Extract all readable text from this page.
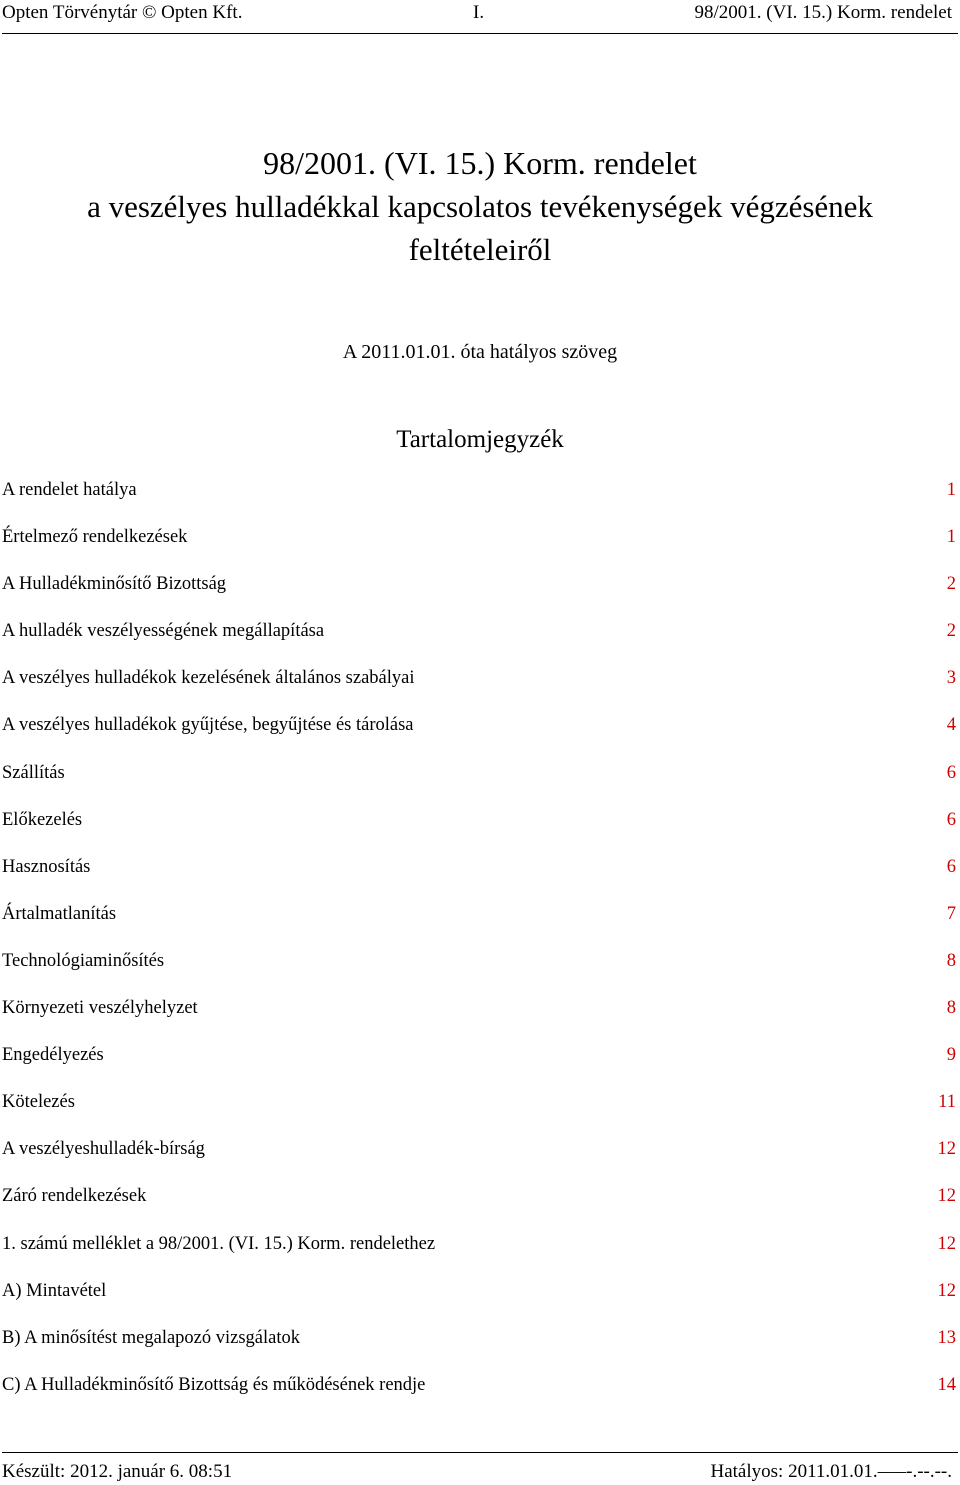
Opten Törvénytár © Opten Kft.	I.	98/2001. (VI. 15.) Korm. rendelet
98/2001. (VI. 15.) Korm. rendelet
a veszélyes hulladékkal kapcsolatos tevékenységek végzésének
feltételeiről
A 2011.01.01. óta hatályos szöveg
Tartalomjegyzék
A rendelet hatálya	1
Értelmező rendelkezések	1
A Hulladékminősítő Bizottság	2
A hulladék veszélyességének megállapítása	2
A veszélyes hulladékok kezelésének általános szabályai	3
A veszélyes hulladékok gyűjtése, begyűjtése és tárolása	4
Szállítás	6
Előkezelés	6
Hasznosítás	6
Ártalmatlanítás	7
Technológiaminősítés	8
Környezeti veszélyhelyzet	8
Engedélyezés	9
Kötelezés	11
A veszélyeshulladék-bírság	12
Záró rendelkezések	12
1. számú melléklet a 98/2001. (VI. 15.) Korm. rendelethez	12
A) Mintavétel	12
B) A minősítést megalapozó vizsgálatok	13
C) A Hulladékminősítő Bizottság és működésének rendje	14
Készült: 2012. január 6. 08:51	Hatályos: 2011.01.01.–––-.--.--.
